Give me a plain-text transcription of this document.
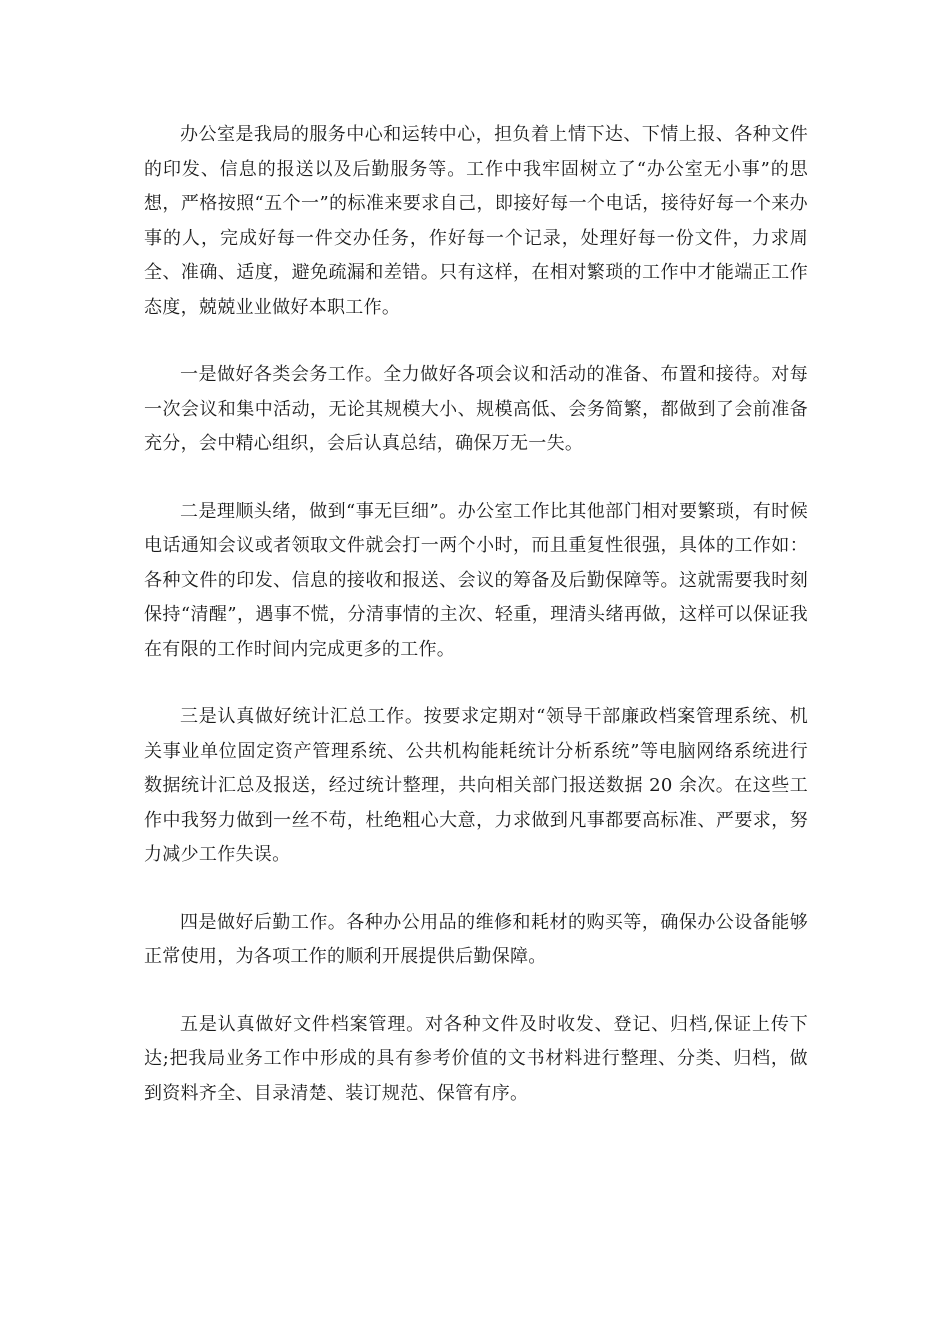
办公室是我局的服务中心和运转中心，担负着上情下达、下情上报、各种文件的印发、信息的报送以及后勤服务等。工作中我牢固树立了“办公室无小事”的思想，严格按照“五个一”的标准来要求自己，即接好每一个电话，接待好每一个来办事的人，完成好每一件交办任务，作好每一个记录，处理好每一份文件，力求周全、准确、适度，避免疏漏和差错。只有这样，在相对繁琐的工作中才能端正工作态度，兢兢业业做好本职工作。

一是做好各类会务工作。全力做好各项会议和活动的准备、布置和接待。对每一次会议和集中活动，无论其规模大小、规模高低、会务简繁，都做到了会前准备充分，会中精心组织，会后认真总结，确保万无一失。

二是理顺头绪，做到“事无巨细”。办公室工作比其他部门相对要繁琐，有时候电话通知会议或者领取文件就会打一两个小时，而且重复性很强，具体的工作如：各种文件的印发、信息的接收和报送、会议的筹备及后勤保障等。这就需要我时刻保持“清醒”，遇事不慌，分清事情的主次、轻重，理清头绪再做，这样可以保证我在有限的工作时间内完成更多的工作。

三是认真做好统计汇总工作。按要求定期对“领导干部廉政档案管理系统、机关事业单位固定资产管理系统、公共机构能耗统计分析系统”等电脑网络系统进行数据统计汇总及报送，经过统计整理，共向相关部门报送数据 20 余次。在这些工作中我努力做到一丝不苟，杜绝粗心大意，力求做到凡事都要高标准、严要求，努力减少工作失误。

四是做好后勤工作。各种办公用品的维修和耗材的购买等，确保办公设备能够正常使用，为各项工作的顺利开展提供后勤保障。

五是认真做好文件档案管理。对各种文件及时收发、登记、归档,保证上传下达;把我局业务工作中形成的具有参考价值的文书材料进行整理、分类、归档，做到资料齐全、目录清楚、装订规范、保管有序。
